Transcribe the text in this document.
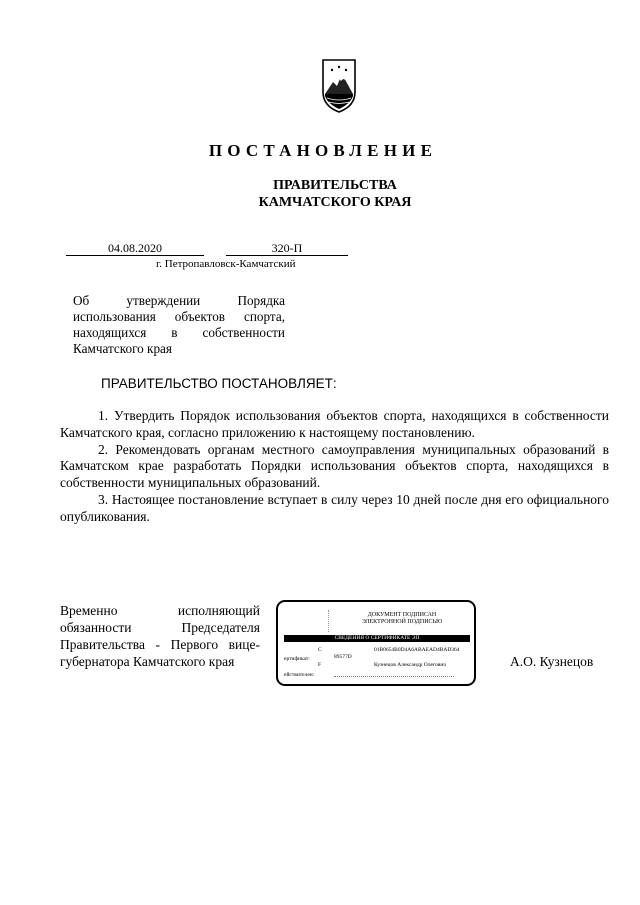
ПОСТАНОВЛЕНИЕ
ПРАВИТЕЛЬСТВА
КАМЧАТСКОГО КРАЯ
04.08.2020	320-П
г. Петропавловск-Камчатский
Об утверждении Порядка использования объектов спорта, находящихся в собственности Камчатского края
ПРАВИТЕЛЬСТВО ПОСТАНОВЛЯЕТ:

1. Утвердить Порядок использования объектов спорта, находящихся в собственности Камчатского края, согласно приложению к настоящему постановлению.

2. Рекомендовать органам местного самоуправления муниципальных образований в Камчатском крае разработать Порядки использования объектов спорта, находящихся в собственности муниципальных образований.

3. Настоящее постановление вступает в силу через 10 дней после дня его официального опубликования.

Временно исполняющий обязанности Председателя Правительства - Первого вице-губернатора Камчатского края
ДОКУМЕНТ ПОДПИСАН
ЭЛЕКТРОННОЙ ПОДПИСЬЮ
СВЕДЕНИЯ О СЕРТИФИКАТЕ ЭП
C	01B0654B0D4A6ABAEAD4BAD364
ертификат:	89577D
F	Кузнецов Александр Олегович
ействителен:
А.О. Кузнецов
